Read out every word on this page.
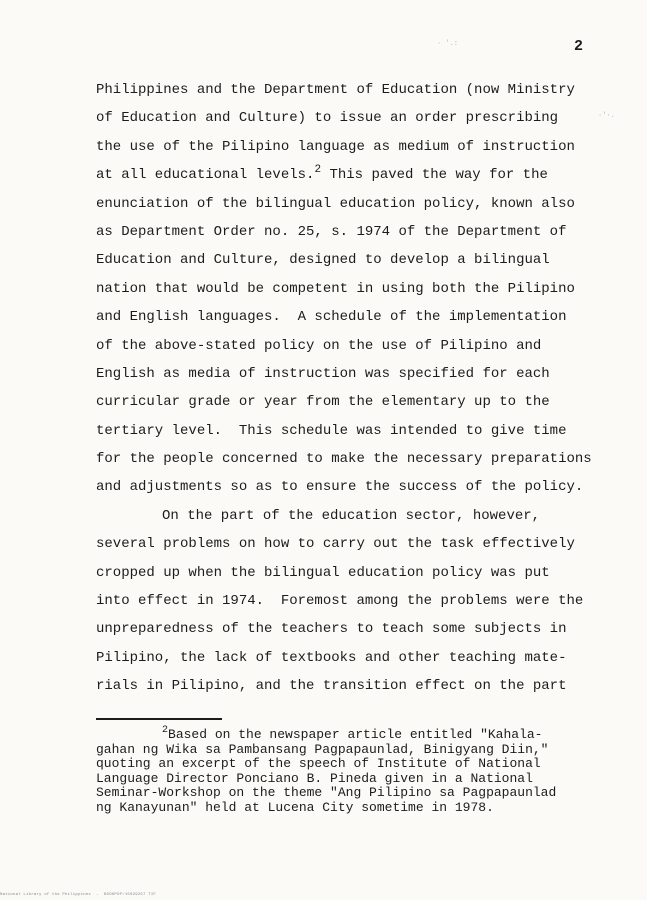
2
· '.:
·'·.
Philippines and the Department of Education (now Ministry
of Education and Culture) to issue an order prescribing
the use of the Pilipino language as medium of instruction
at all educational levels.$^2$ This paved the way for the
enunciation of the bilingual education policy, known also
as Department Order no. 25, s. 1974 of the Department of
Education and Culture, designed to develop a bilingual
nation that would be competent in using both the Pilipino
and English languages.  A schedule of the implementation
of the above-stated policy on the use of Pilipino and
English as media of instruction was specified for each
curricular grade or year from the elementary up to the
tertiary level.  This schedule was intended to give time
for the people concerned to make the necessary preparations
and adjustments so as to ensure the success of the policy.
On the part of the education sector, however,
several problems on how to carry out the task effectively
cropped up when the bilingual education policy was put
into effect in 1974.  Foremost among the problems were the
unpreparedness of the teachers to teach some subjects in
Pilipino, the lack of textbooks and other teaching mate-
rials in Pilipino, and the transition effect on the part
$^2$Based on the newspaper article entitled "Kahala-
gahan ng Wika sa Pambansang Pagpapaunlad, Binigyang Diin,"
quoting an excerpt of the speech of Institute of National
Language Director Ponciano B. Pineda given in a National
Seminar-Workshop on the theme "Ang Pilipino sa Pagpapaunlad
ng Kanayunan" held at Lucena City sometime in 1978.
National Library of the Philippines  -  BOOKPOP/15029257 TIF
